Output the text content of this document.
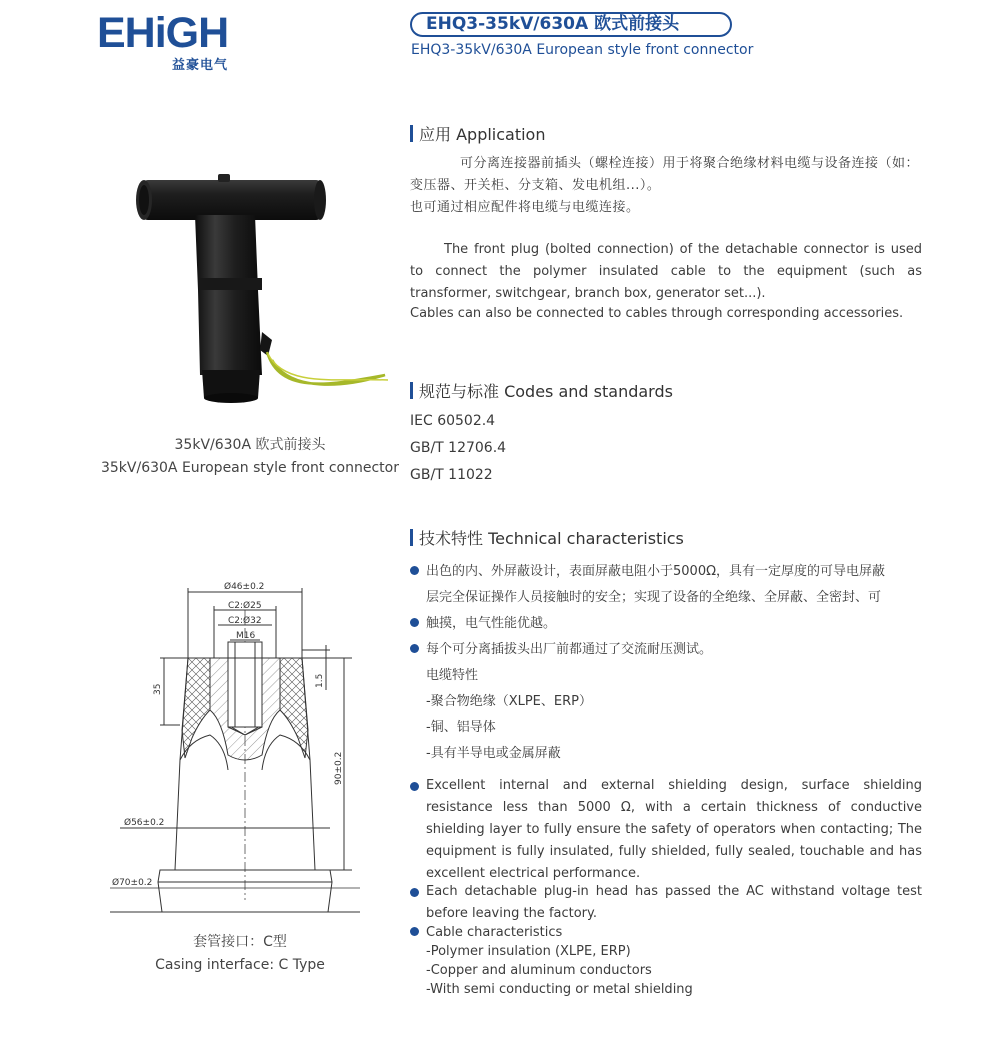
EHiGH
益豪电气
EHQ3-35kV/630A 欧式前接头
EHQ3-35kV/630A European style front connector
35kV/630A 欧式前接头
35kV/630A European style front connector
应用 Application
可分离连接器前插头（螺栓连接）用于将聚合绝缘材料电缆与设备连接（如：
变压器、开关柜、分支箱、发电机组...）。
也可通过相应配件将电缆与电缆连接。
The front plug (bolted connection) of the detachable connector is used to connect the polymer insulated cable to the equipment (such as transformer, switchgear, branch box, generator set...).
Cables can also be connected to cables through corresponding accessories.
规范与标准 Codes and standards
IEC 60502.4
GB/T 12706.4
GB/T 11022
技术特性 Technical characteristics
出色的内、外屏蔽设计，表面屏蔽电阻小于5000Ω，具有一定厚度的可导电屏蔽
层完全保证操作人员接触时的安全；实现了设备的全绝缘、全屏蔽、全密封、可
触摸，电气性能优越。
每个可分离插拔头出厂前都通过了交流耐压测试。
电缆特性
-聚合物绝缘（XLPE、ERP）
-铜、铝导体
-具有半导电或金属屏蔽
Excellent internal and external shielding design, surface shielding resistance less than 5000 Ω, with a certain thickness of conductive shielding layer to fully ensure the safety of operators when contacting; The equipment is fully insulated, fully shielded, fully sealed, touchable and has excellent electrical performance.
Each detachable plug-in head has passed the AC withstand voltage test before leaving the factory.
Cable characteristics
-Polymer insulation (XLPE, ERP)
-Copper and aluminum conductors
-With semi conducting or metal shielding
Ø46±0.2
C2:Ø25
C2:Ø32
M16
35
1.5
90±0.2
Ø56±0.2
Ø70±0.2
套管接口：C型
Casing interface: C Type
